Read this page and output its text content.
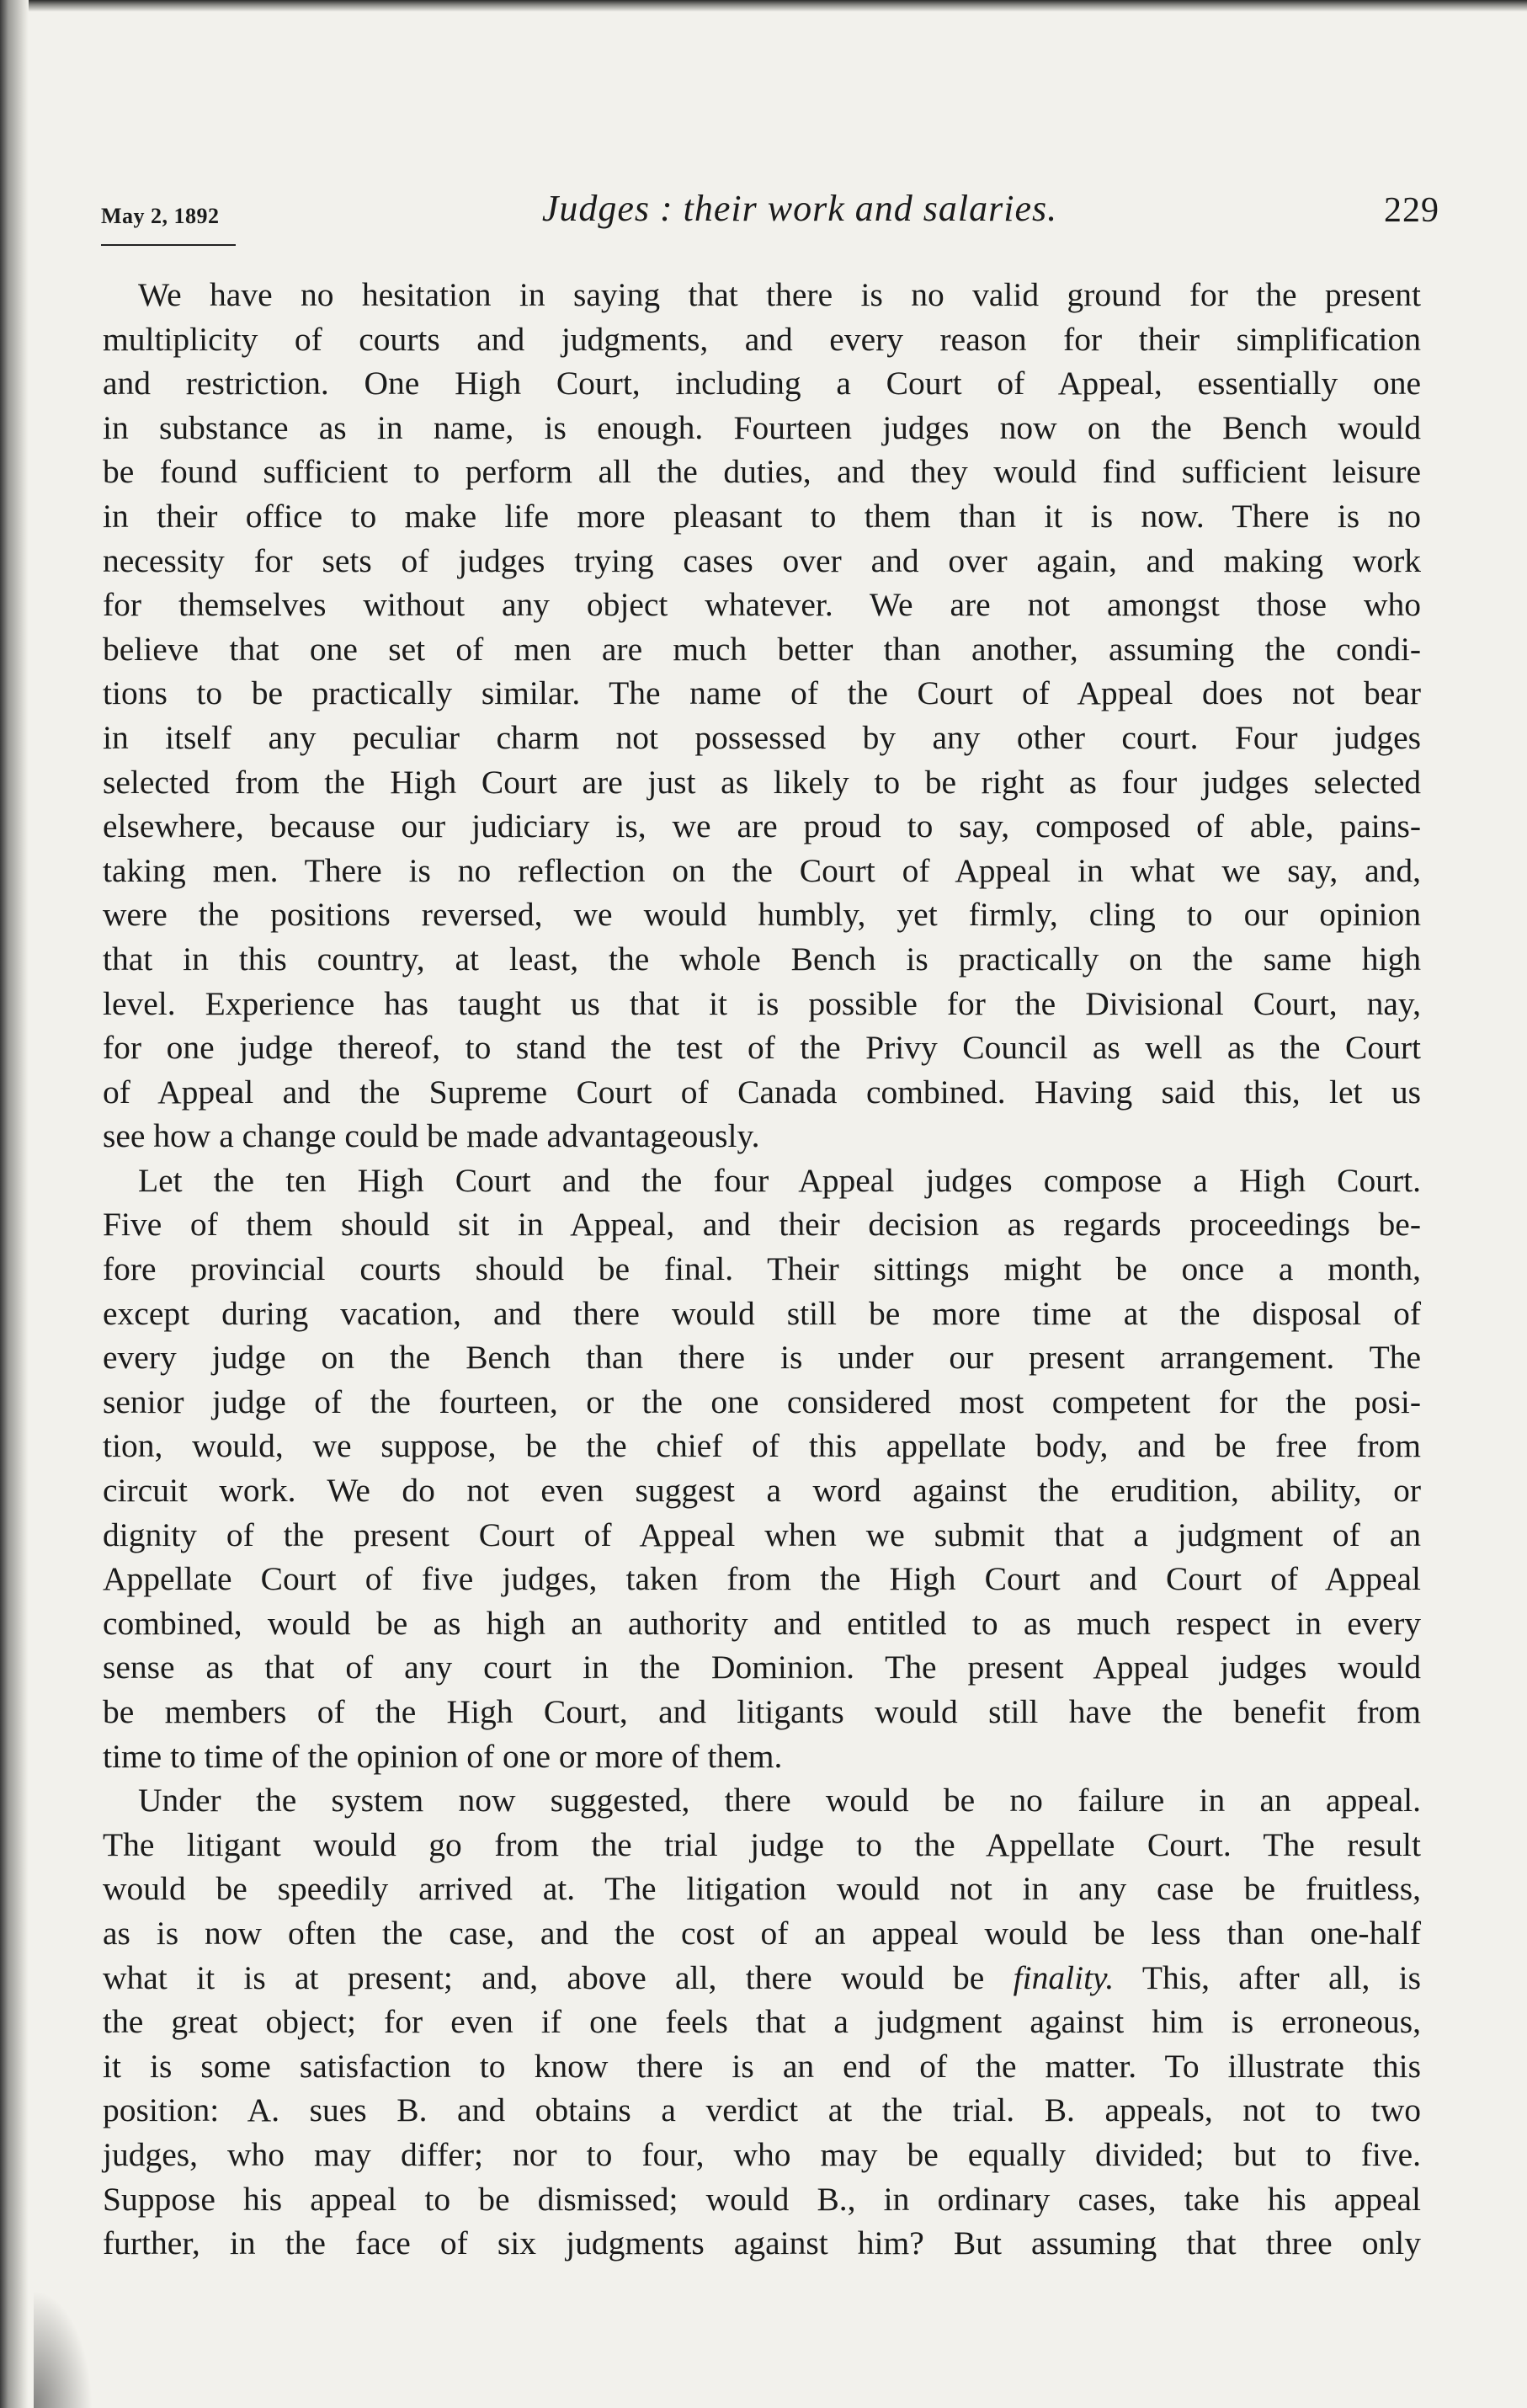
May 2, 1892	Judges : their work and salaries.	229
We have no hesitation in saying that there is no valid ground for the present
multiplicity of courts and judgments, and every reason for their simplification
and restriction. One High Court, including a Court of Appeal, essentially one
in substance as in name, is enough. Fourteen judges now on the Bench would
be found sufficient to perform all the duties, and they would find sufficient leisure
in their office to make life more pleasant to them than it is now. There is no
necessity for sets of judges trying cases over and over again, and making work
for themselves without any object whatever. We are not amongst those who
believe that one set of men are much better than another, assuming the condi-
tions to be practically similar. The name of the Court of Appeal does not bear
in itself any peculiar charm not possessed by any other court. Four judges
selected from the High Court are just as likely to be right as four judges selected
elsewhere, because our judiciary is, we are proud to say, composed of able, pains-
taking men. There is no reflection on the Court of Appeal in what we say, and,
were the positions reversed, we would humbly, yet firmly, cling to our opinion
that in this country, at least, the whole Bench is practically on the same high
level. Experience has taught us that it is possible for the Divisional Court, nay,
for one judge thereof, to stand the test of the Privy Council as well as the Court
of Appeal and the Supreme Court of Canada combined. Having said this, let us
see how a change could be made advantageously.
Let the ten High Court and the four Appeal judges compose a High Court.
Five of them should sit in Appeal, and their decision as regards proceedings be-
fore provincial courts should be final. Their sittings might be once a month,
except during vacation, and there would still be more time at the disposal of
every judge on the Bench than there is under our present arrangement. The
senior judge of the fourteen, or the one considered most competent for the posi-
tion, would, we suppose, be the chief of this appellate body, and be free from
circuit work. We do not even suggest a word against the erudition, ability, or
dignity of the present Court of Appeal when we submit that a judgment of an
Appellate Court of five judges, taken from the High Court and Court of Appeal
combined, would be as high an authority and entitled to as much respect in every
sense as that of any court in the Dominion. The present Appeal judges would
be members of the High Court, and litigants would still have the benefit from
time to time of the opinion of one or more of them.
Under the system now suggested, there would be no failure in an appeal.
The litigant would go from the trial judge to the Appellate Court. The result
would be speedily arrived at. The litigation would not in any case be fruitless,
as is now often the case, and the cost of an appeal would be less than one-half
what it is at present; and, above all, there would be finality. This, after all, is
the great object; for even if one feels that a judgment against him is erroneous,
it is some satisfaction to know there is an end of the matter. To illustrate this
position: A. sues B. and obtains a verdict at the trial. B. appeals, not to two
judges, who may differ; nor to four, who may be equally divided; but to five.
Suppose his appeal to be dismissed; would B., in ordinary cases, take his appeal
further, in the face of six judgments against him? But assuming that three only
